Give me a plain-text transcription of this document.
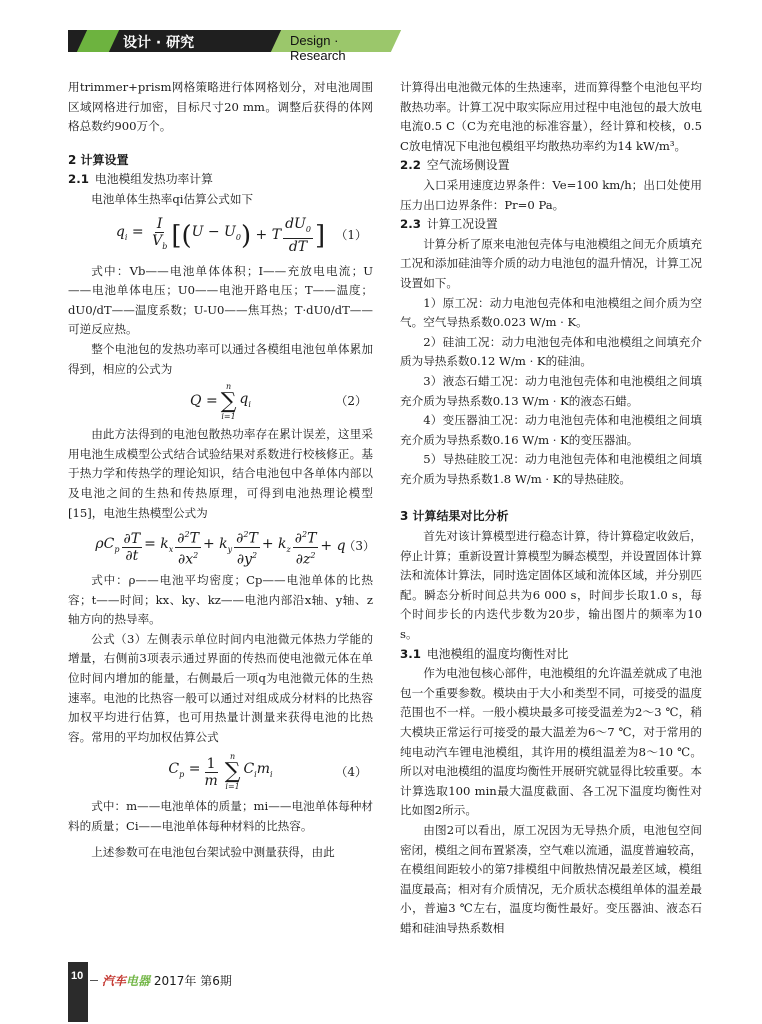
设计 · 研究	Design · Research

用trimmer+prism网格策略进行体网格划分，对电池周围区域网格进行加密，目标尺寸20 mm。调整后获得的体网格总数约900万个。

2 计算设置

2.1 电池模组发热功率计算

电池单体生热率qi估算公式如下

$q_i = \frac{I}{V_b}$ [ ( $U - U_0$ ) + T $\frac{dU_0}{dT}$ ] （1）

式中：Vb——电池单体体积；I——充放电电流；U——电池单体电压；U0——电池开路电压；T——温度；dU0/dT——温度系数；U-U0——焦耳热；T·dU0/dT——可逆反应热。

整个电池包的发热功率可以通过各模组电池包单体累加得到，相应的公式为

Q =
n
∑
i=1
$q_i$	（2）

由此方法得到的电池包散热功率存在累计误差，这里采用电池生成模型公式结合试验结果对系数进行校核修正。基于热力学和传热学的理论知识，结合电池包中各单体内部以及电池之间的生热和传热原理，可得到电池热理论模型[15]，电池生热模型公式为

$\rho C_p \frac{\partial T}{\partial t} = k_x \frac{\partial^2T}{\partial x^2} + k_y \frac{\partial^2T}{\partial y^2} + k_z \frac{\partial^2T}{\partial z^2} + q$
（3）

式中：ρ——电池平均密度；Cp——电池单体的比热容；t——时间；kx、ky、kz——电池内部沿x轴、y轴、z轴方向的热导率。

公式（3）左侧表示单位时间内电池微元体热力学能的增量，右侧前3项表示通过界面的传热而使电池微元体在单位时间内增加的能量，右侧最后一项q为电池微元体的生热速率。电池的比热容一般可以通过对组成成分材料的比热容加权平均进行估算，也可用热量计测量来获得电池的比热容。常用的平均加权估算公式

$C_p = \frac{1}{m}$ n
∑
i=1
$C_im_i$	（4）

式中：m——电池单体的质量；mi——电池单体每种材料的质量；Ci——电池单体每种材料的比热容。

上述参数可在电池包台架试验中测量获得，由此

计算得出电池微元体的生热速率，进而算得整个电池包平均散热功率。计算工况中取实际应用过程中电池包的最大放电电流0.5 C（C为充电池的标准容量），经计算和校核，0.5 C放电情况下电池包模组平均散热功率约为14 kW/m³。

2.2 空气流场侧设置

入口采用速度边界条件：Ve=100 km/h；出口处使用压力出口边界条件：Pr=0 Pa。

2.3 计算工况设置

计算分析了原来电池包壳体与电池模组之间无介质填充工况和添加硅油等介质的动力电池包的温升情况，计算工况设置如下。

1）原工况：动力电池包壳体和电池模组之间介质为空气。空气导热系数0.023 W/m · K。

2）硅油工况：动力电池包壳体和电池模组之间填充介质为导热系数0.12 W/m · K的硅油。

3）液态石蜡工况：动力电池包壳体和电池模组之间填充介质为导热系数0.13 W/m · K的液态石蜡。

4）变压器油工况：动力电池包壳体和电池模组之间填充介质为导热系数0.16 W/m · K的变压器油。

5）导热硅胶工况：动力电池包壳体和电池模组之间填充介质为导热系数1.8 W/m · K的导热硅胶。

3 计算结果对比分析

首先对该计算模型进行稳态计算，待计算稳定收敛后，停止计算；重新设置计算模型为瞬态模型，并设置固体计算法和流体计算法，同时选定固体区域和流体区域，并分别匹配。瞬态分析时间总共为6 000 s，时间步长取1.0 s，每个时间步长的内迭代步数为20步，输出图片的频率为10 s。

3.1 电池模组的温度均衡性对比

作为电池包核心部件，电池模组的允许温差就成了电池包一个重要参数。模块由于大小和类型不同，可接受的温度范围也不一样。一般小模块最多可接受温差为2～3 ℃，稍大模块正常运行可接受的最大温差为6～7 ℃，对于常用的纯电动汽车锂电池模组，其许用的模组温差为8～10 ℃。所以对电池模组的温度均衡性开展研究就显得比较重要。本计算选取100 min最大温度截面、各工况下温度均衡性对比如图2所示。

由图2可以看出，原工况因为无导热介质，电池包空间密闭，模组之间布置紧凑，空气难以流通，温度普遍较高，在模组间距较小的第7排模组中间散热情况最差区域，模组温度最高；相对有介质情况，无介质状态模组单体的温差最小，普遍3 ℃左右，温度均衡性最好。变压器油、液态石蜡和硅油导热系数相

10 汽车电器 2017年 第6期
